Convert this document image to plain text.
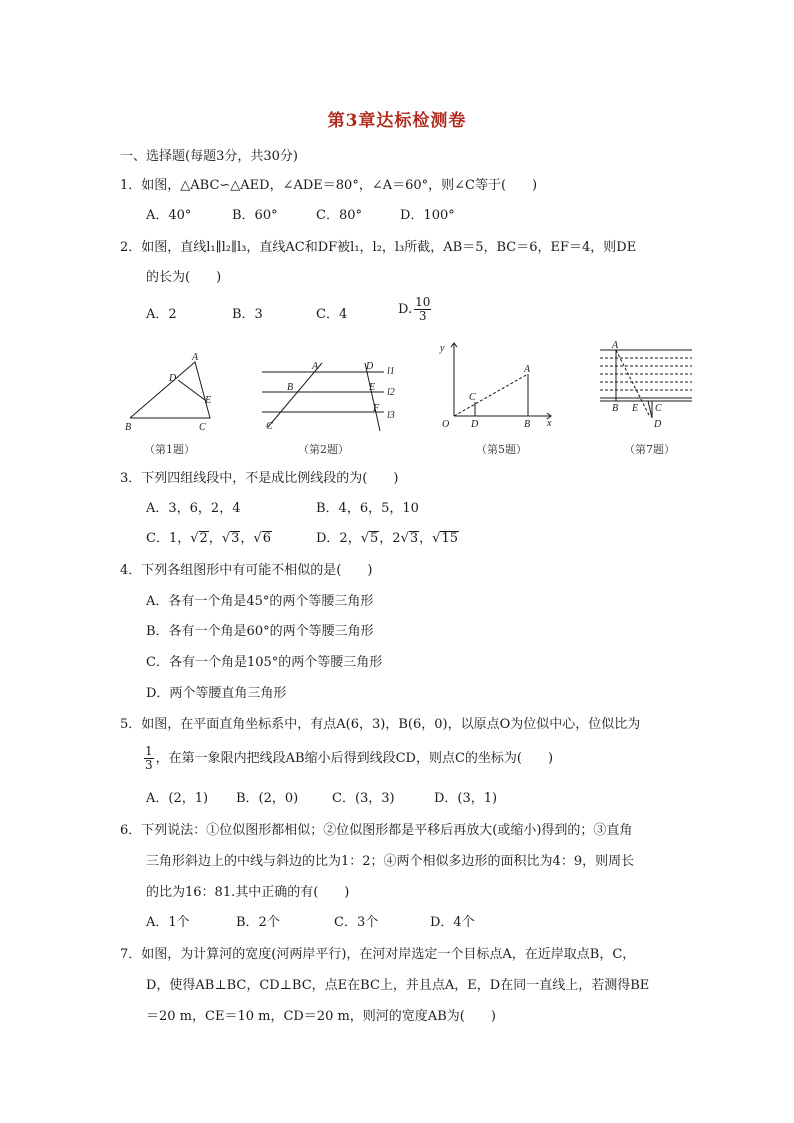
第3章达标检测卷
一、选择题(每题3分，共30分)
1．如图，△ABC∽△AED，∠ADE＝80°，∠A＝60°，则∠C等于(　　)
A．40°	B．60°	C．80°	D．100°
2．如图，直线l₁∥l₂∥l₃，直线AC和DF被l₁，l₂，l₃所截，AB＝5，BC＝6，EF＝4，则DE
的长为(　　)
A．2	B．3	C．4	D. $\frac{10}{3}$
A
D
E
B	C
（第1题）
A	D l1
B	E l2
F
C
l3
（第2题）
y
A
C
O D	B x
（第5题）
A
B E C
D
（第7题）
3．下列四组线段中，不是成比例线段的为(　　)
A．3，6，2，4	B．4，6，5，10
C．1，√2，√3，√6	D．2，√5，2√3，√15
4．下列各组图形中有可能不相似的是(　　)
A．各有一个角是45°的两个等腰三角形
B．各有一个角是60°的两个等腰三角形
C．各有一个角是105°的两个等腰三角形
D．两个等腰直角三角形
5．如图，在平面直角坐标系中，有点A(6，3)，B(6，0)，以原点O为位似中心，位似比为
$\frac{1}{3}$ ，在第一象限内把线段AB缩小后得到线段CD，则点C的坐标为(　　)
A．(2，1) B．(2，0)	C．(3，3)	D．(3，1)
6．下列说法：①位似图形都相似；②位似图形都是平移后再放大(或缩小)得到的；③直角
三角形斜边上的中线与斜边的比为1：2；④两个相似多边形的面积比为4：9，则周长
的比为16：81.其中正确的有(　　)
A．1个	B．2个	C．3个	D．4个
7．如图，为计算河的宽度(河两岸平行)，在河对岸选定一个目标点A，在近岸取点B，C，
D，使得AB⊥BC，CD⊥BC，点E在BC上，并且点A，E，D在同一直线上，若测得BE
＝20 m，CE＝10 m，CD＝20 m，则河的宽度AB为(　　)
